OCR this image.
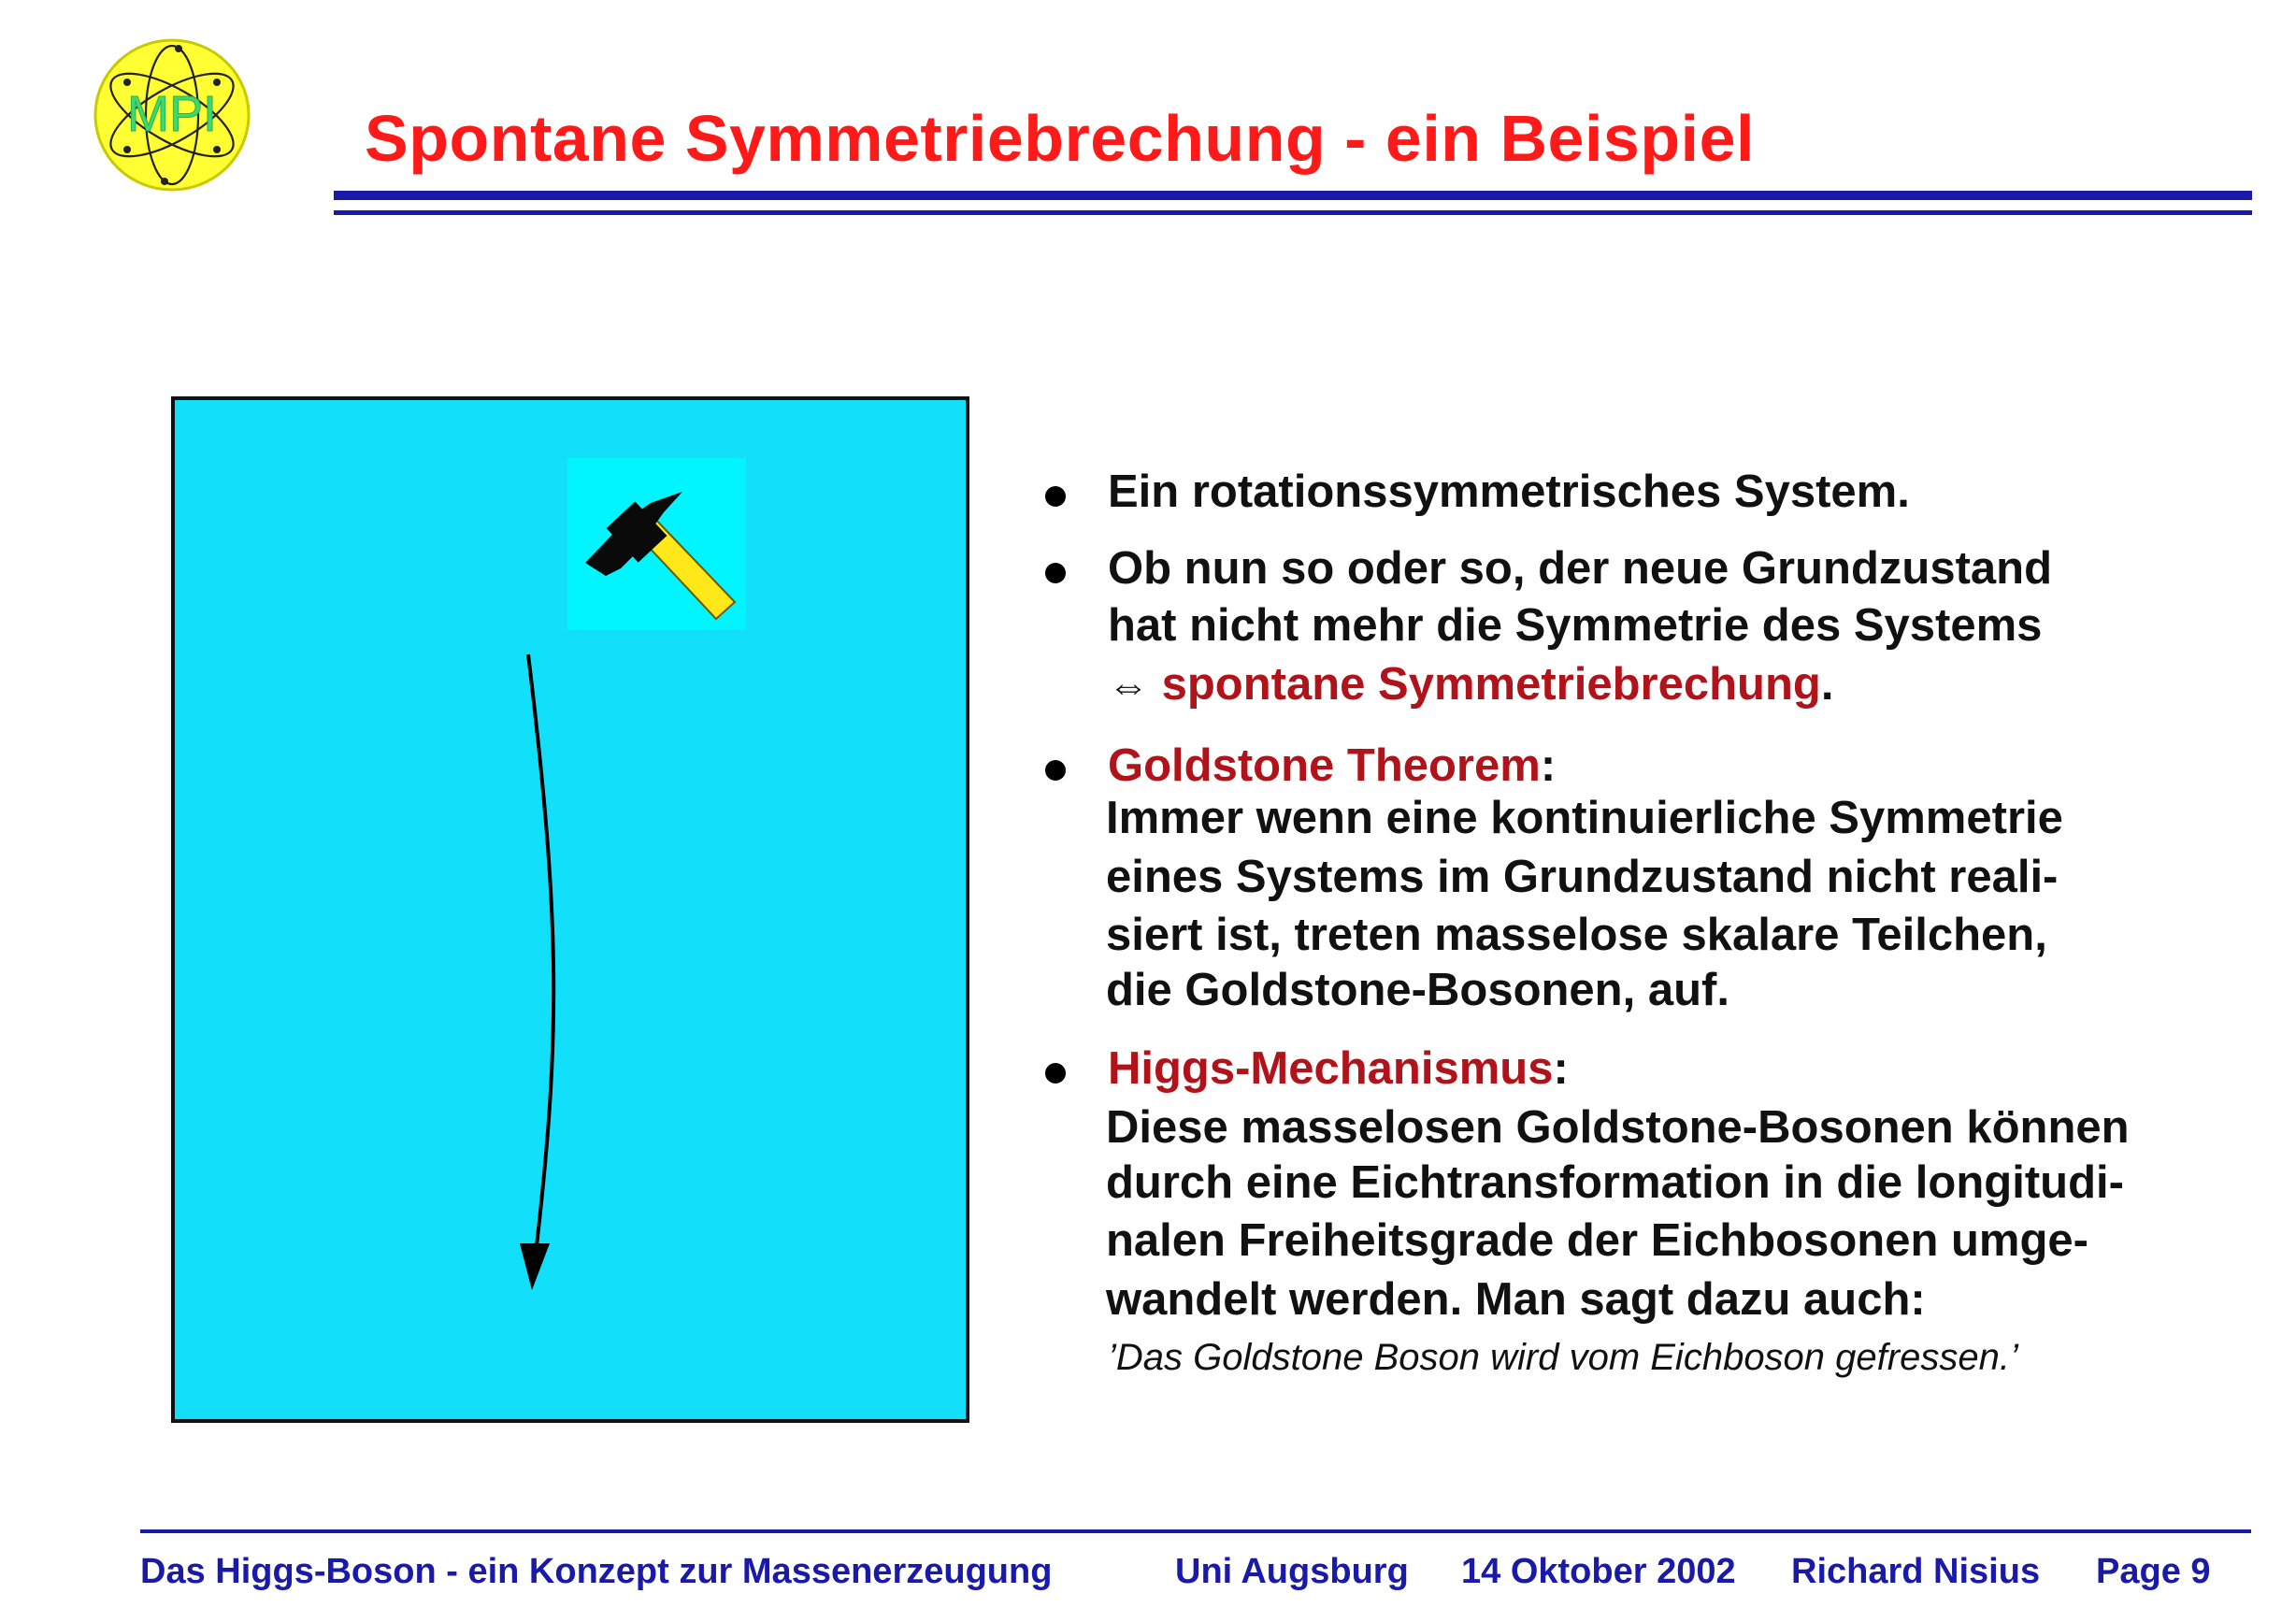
MPI Spontane Symmetriebrechung - ein Beispiel
Ein rotationssymmetrisches System.
Ob nun so oder so, der neue Grundzustand
hat nicht mehr die Symmetrie des Systems
⇔ spontane Symmetriebrechung.
Goldstone Theorem:
Immer wenn eine kontinuierliche Symmetrie
eines Systems im Grundzustand nicht reali-
siert ist, treten masselose skalare Teilchen,
die Goldstone-Bosonen, auf.
Higgs-Mechanismus:
Diese masselosen Goldstone-Bosonen können
durch eine Eichtransformation in die longitudi-
nalen Freiheitsgrade der Eichbosonen umge-
wandelt werden. Man sagt dazu auch:
’Das Goldstone Boson wird vom Eichboson gefressen.’
Das Higgs-Boson - ein Konzept zur Massenerzeugung	Uni Augsburg 14 Oktober 2002 Richard Nisius Page 9
